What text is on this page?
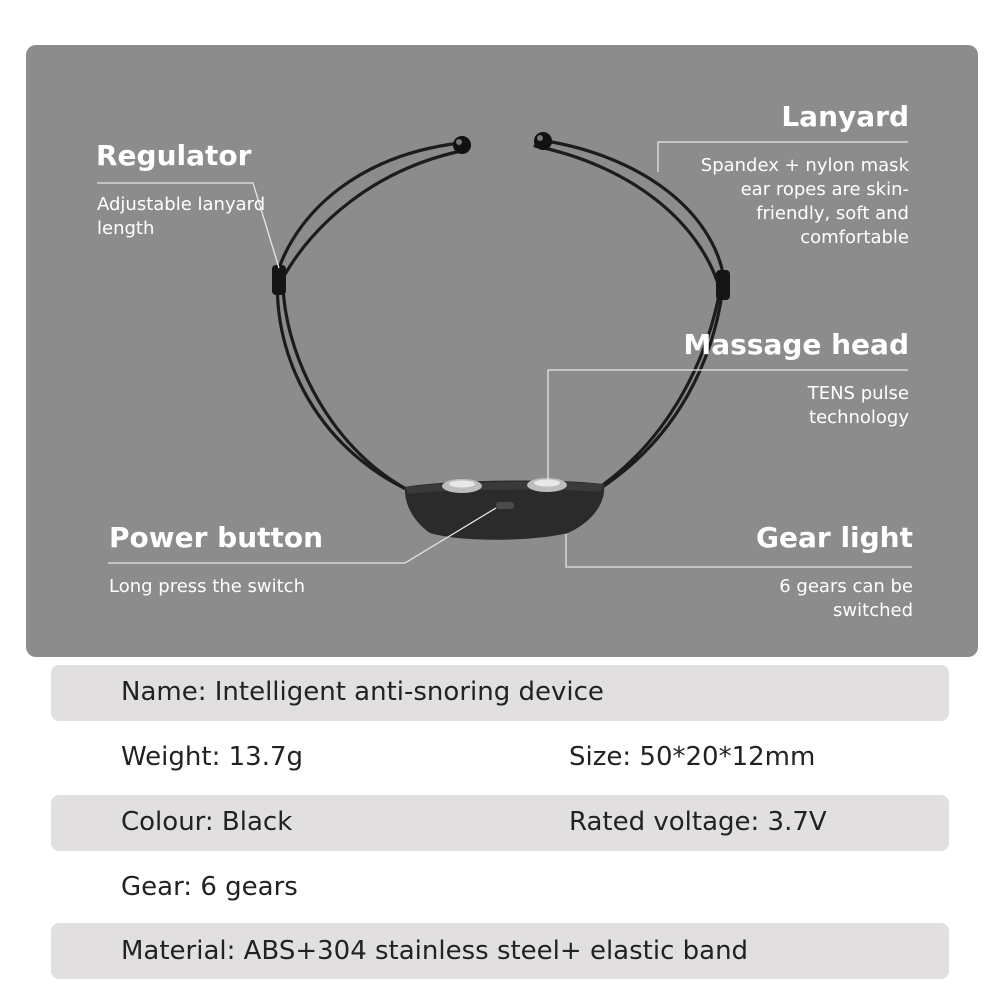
Regulator
Adjustable lanyard length
Lanyard
Spandex + nylon mask ear ropes are skin-friendly, soft and comfortable
Massage head
TENS pulse technology
Power button
Long press the switch
Gear light
6 gears can be switched
Name: Intelligent anti-snoring device
Weight: 13.7g	Size: 50*20*12mm
Colour: Black	Rated voltage: 3.7V
Gear: 6 gears
Material: ABS+304 stainless steel+ elastic band
